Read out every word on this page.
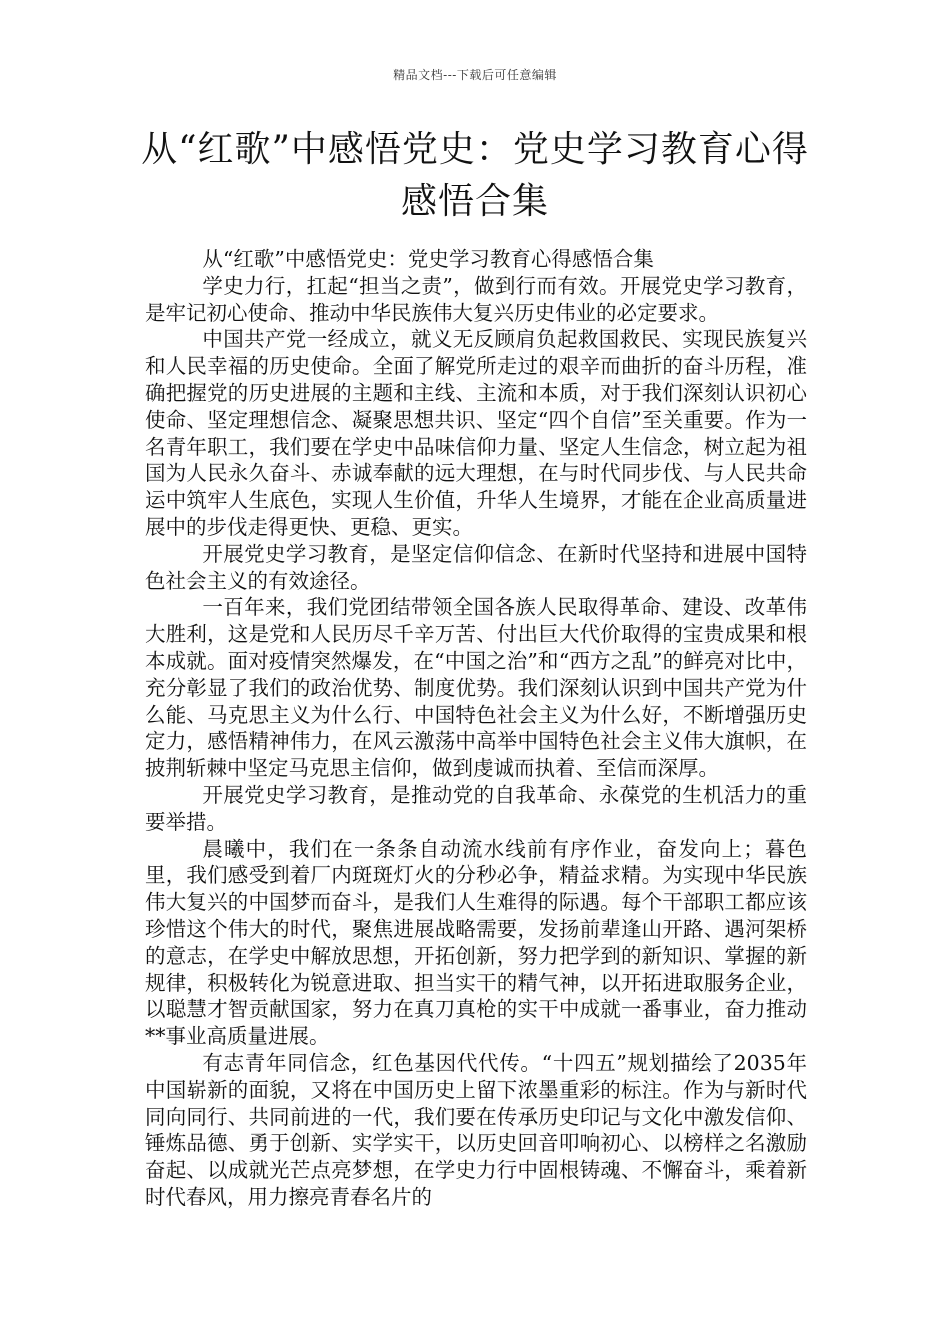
精品文档---下载后可任意编辑
从“红歌”中感悟党史：党史学习教育心得感悟合集

从“红歌”中感悟党史：党史学习教育心得感悟合集

学史力行，扛起“担当之责”，做到行而有效。开展党史学习教育，是牢记初心使命、推动中华民族伟大复兴历史伟业的必定要求。

中国共产党一经成立，就义无反顾肩负起救国救民、实现民族复兴和人民幸福的历史使命。全面了解党所走过的艰辛而曲折的奋斗历程，准确把握党的历史进展的主题和主线、主流和本质，对于我们深刻认识初心使命、坚定理想信念、凝聚思想共识、坚定“四个自信”至关重要。作为一名青年职工，我们要在学史中品味信仰力量、坚定人生信念，树立起为祖国为人民永久奋斗、赤诚奉献的远大理想，在与时代同步伐、与人民共命运中筑牢人生底色，实现人生价值，升华人生境界，才能在企业高质量进展中的步伐走得更快、更稳、更实。

开展党史学习教育，是坚定信仰信念、在新时代坚持和进展中国特色社会主义的有效途径。

一百年来，我们党团结带领全国各族人民取得革命、建设、改革伟大胜利，这是党和人民历尽千辛万苦、付出巨大代价取得的宝贵成果和根本成就。面对疫情突然爆发，在“中国之治”和“西方之乱”的鲜亮对比中，充分彰显了我们的政治优势、制度优势。我们深刻认识到中国共产党为什么能、马克思主义为什么行、中国特色社会主义为什么好，不断增强历史定力，感悟精神伟力，在风云激荡中高举中国特色社会主义伟大旗帜，在披荆斩棘中坚定马克思主信仰，做到虔诚而执着、至信而深厚。

开展党史学习教育，是推动党的自我革命、永葆党的生机活力的重要举措。

晨曦中，我们在一条条自动流水线前有序作业，奋发向上；暮色里，我们感受到着厂内斑斑灯火的分秒必争，精益求精。为实现中华民族伟大复兴的中国梦而奋斗，是我们人生难得的际遇。每个干部职工都应该珍惜这个伟大的时代，聚焦进展战略需要，发扬前辈逢山开路、遇河架桥的意志，在学史中解放思想，开拓创新，努力把学到的新知识、掌握的新规律，积极转化为锐意进取、担当实干的精气神，以开拓进取服务企业，以聪慧才智贡献国家，努力在真刀真枪的实干中成就一番事业，奋力推动**事业高质量进展。

有志青年同信念，红色基因代代传。“十四五”规划描绘了2035年中国崭新的面貌，又将在中国历史上留下浓墨重彩的标注。作为与新时代同向同行、共同前进的一代，我们要在传承历史印记与文化中激发信仰、锤炼品德、勇于创新、实学实干，以历史回音叩响初心、以榜样之名激励奋起、以成就光芒点亮梦想，在学史力行中固根铸魂、不懈奋斗，乘着新时代春风，用力擦亮青春名片的
